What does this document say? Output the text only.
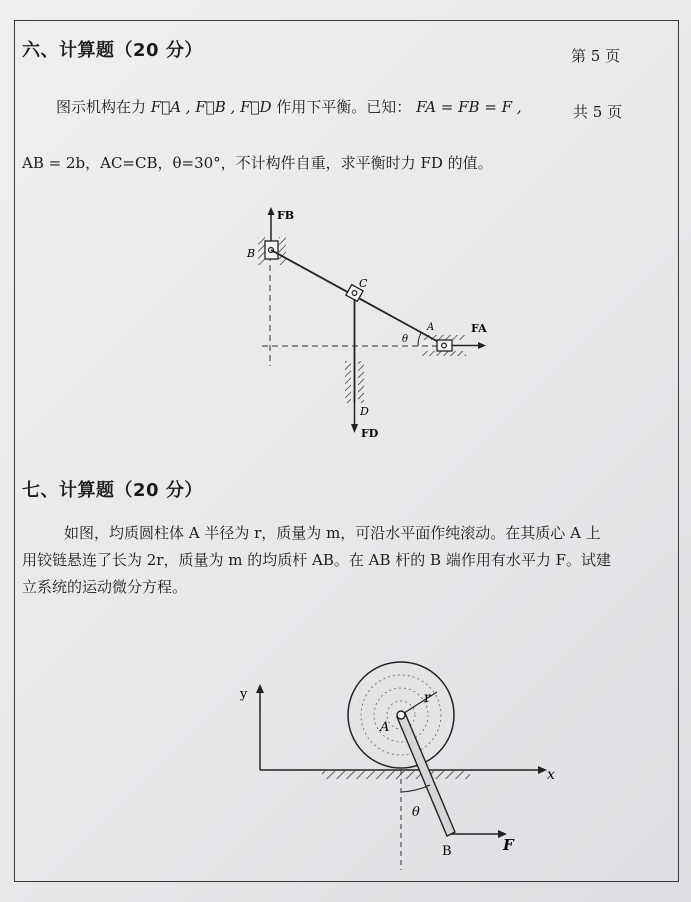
六、计算题（20 分）	第 5 页
共 5 页
图示机构在力 F⃗A , F⃗B , F⃗D 作用下平衡。已知： FA = FB = F ,
AB = 2b，AC=CB，θ=30°，不计构件自重，求平衡时力 FD 的值。
FB
B
C
A	FA
θ
D
FD
七、计算题（20 分）
如图，均质圆柱体 A 半径为 r，质量为 m，可沿水平面作纯滚动。在其质心 A 上
用铰链悬连了长为 2r，质量为 m 的均质杆 AB。在 AB 杆的 B 端作用有水平力 F。试建
立系统的运动微分方程。
y
x
A
r
θ
B	F
